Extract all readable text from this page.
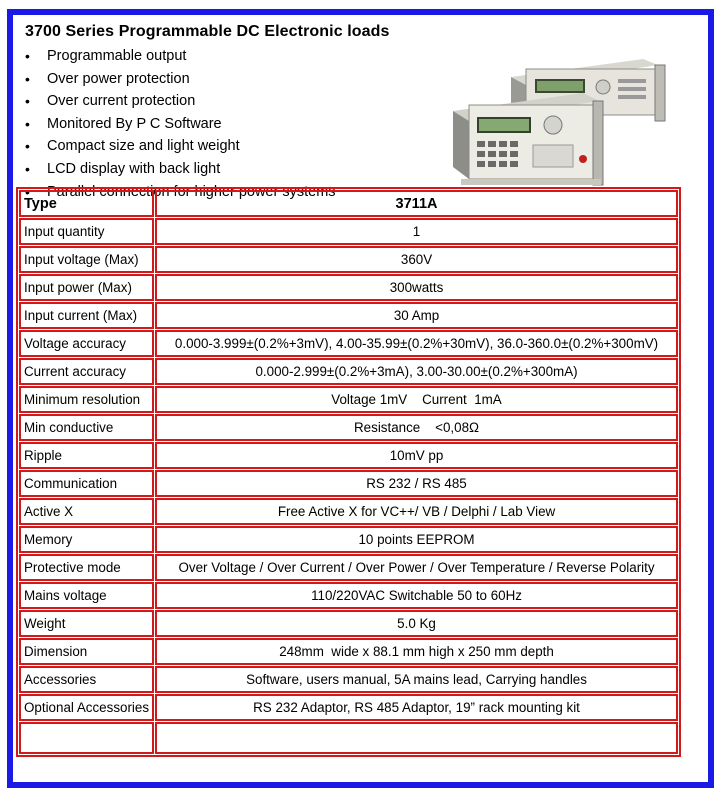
3700 Series Programmable DC Electronic loads
• Programmable output
• Over power protection
• Over current protection
• Monitored By P C Software
• Compact size and light weight
• LCD display with back light
• Parallel connection for higher power systems
Type	3711A
Input quantity	1
Input voltage (Max)	360V
Input power (Max)	300watts
Input current (Max)	30 Amp
Voltage accuracy	0.000-3.999±(0.2%+3mV), 4.00-35.99±(0.2%+30mV), 36.0-360.0±(0.2%+300mV)
Current accuracy	0.000-2.999±(0.2%+3mA), 3.00-30.00±(0.2%+300mA)
Minimum resolution	Voltage 1mV    Current  1mA
Min conductive	Resistance    <0,08Ω
Ripple	10mV pp
Communication	RS 232 / RS 485
Active X	Free Active X for VC++/ VB / Delphi / Lab View
Memory	10 points EEPROM
Protective mode	Over Voltage / Over Current / Over Power / Over Temperature / Reverse Polarity
Mains voltage	110/220VAC Switchable 50 to 60Hz
Weight	5.0 Kg
Dimension	248mm  wide x 88.1 mm high x 250 mm depth
Accessories	Software, users manual, 5A mains lead, Carrying handles
Optional Accessories	RS 232 Adaptor, RS 485 Adaptor, 19” rack mounting kit
